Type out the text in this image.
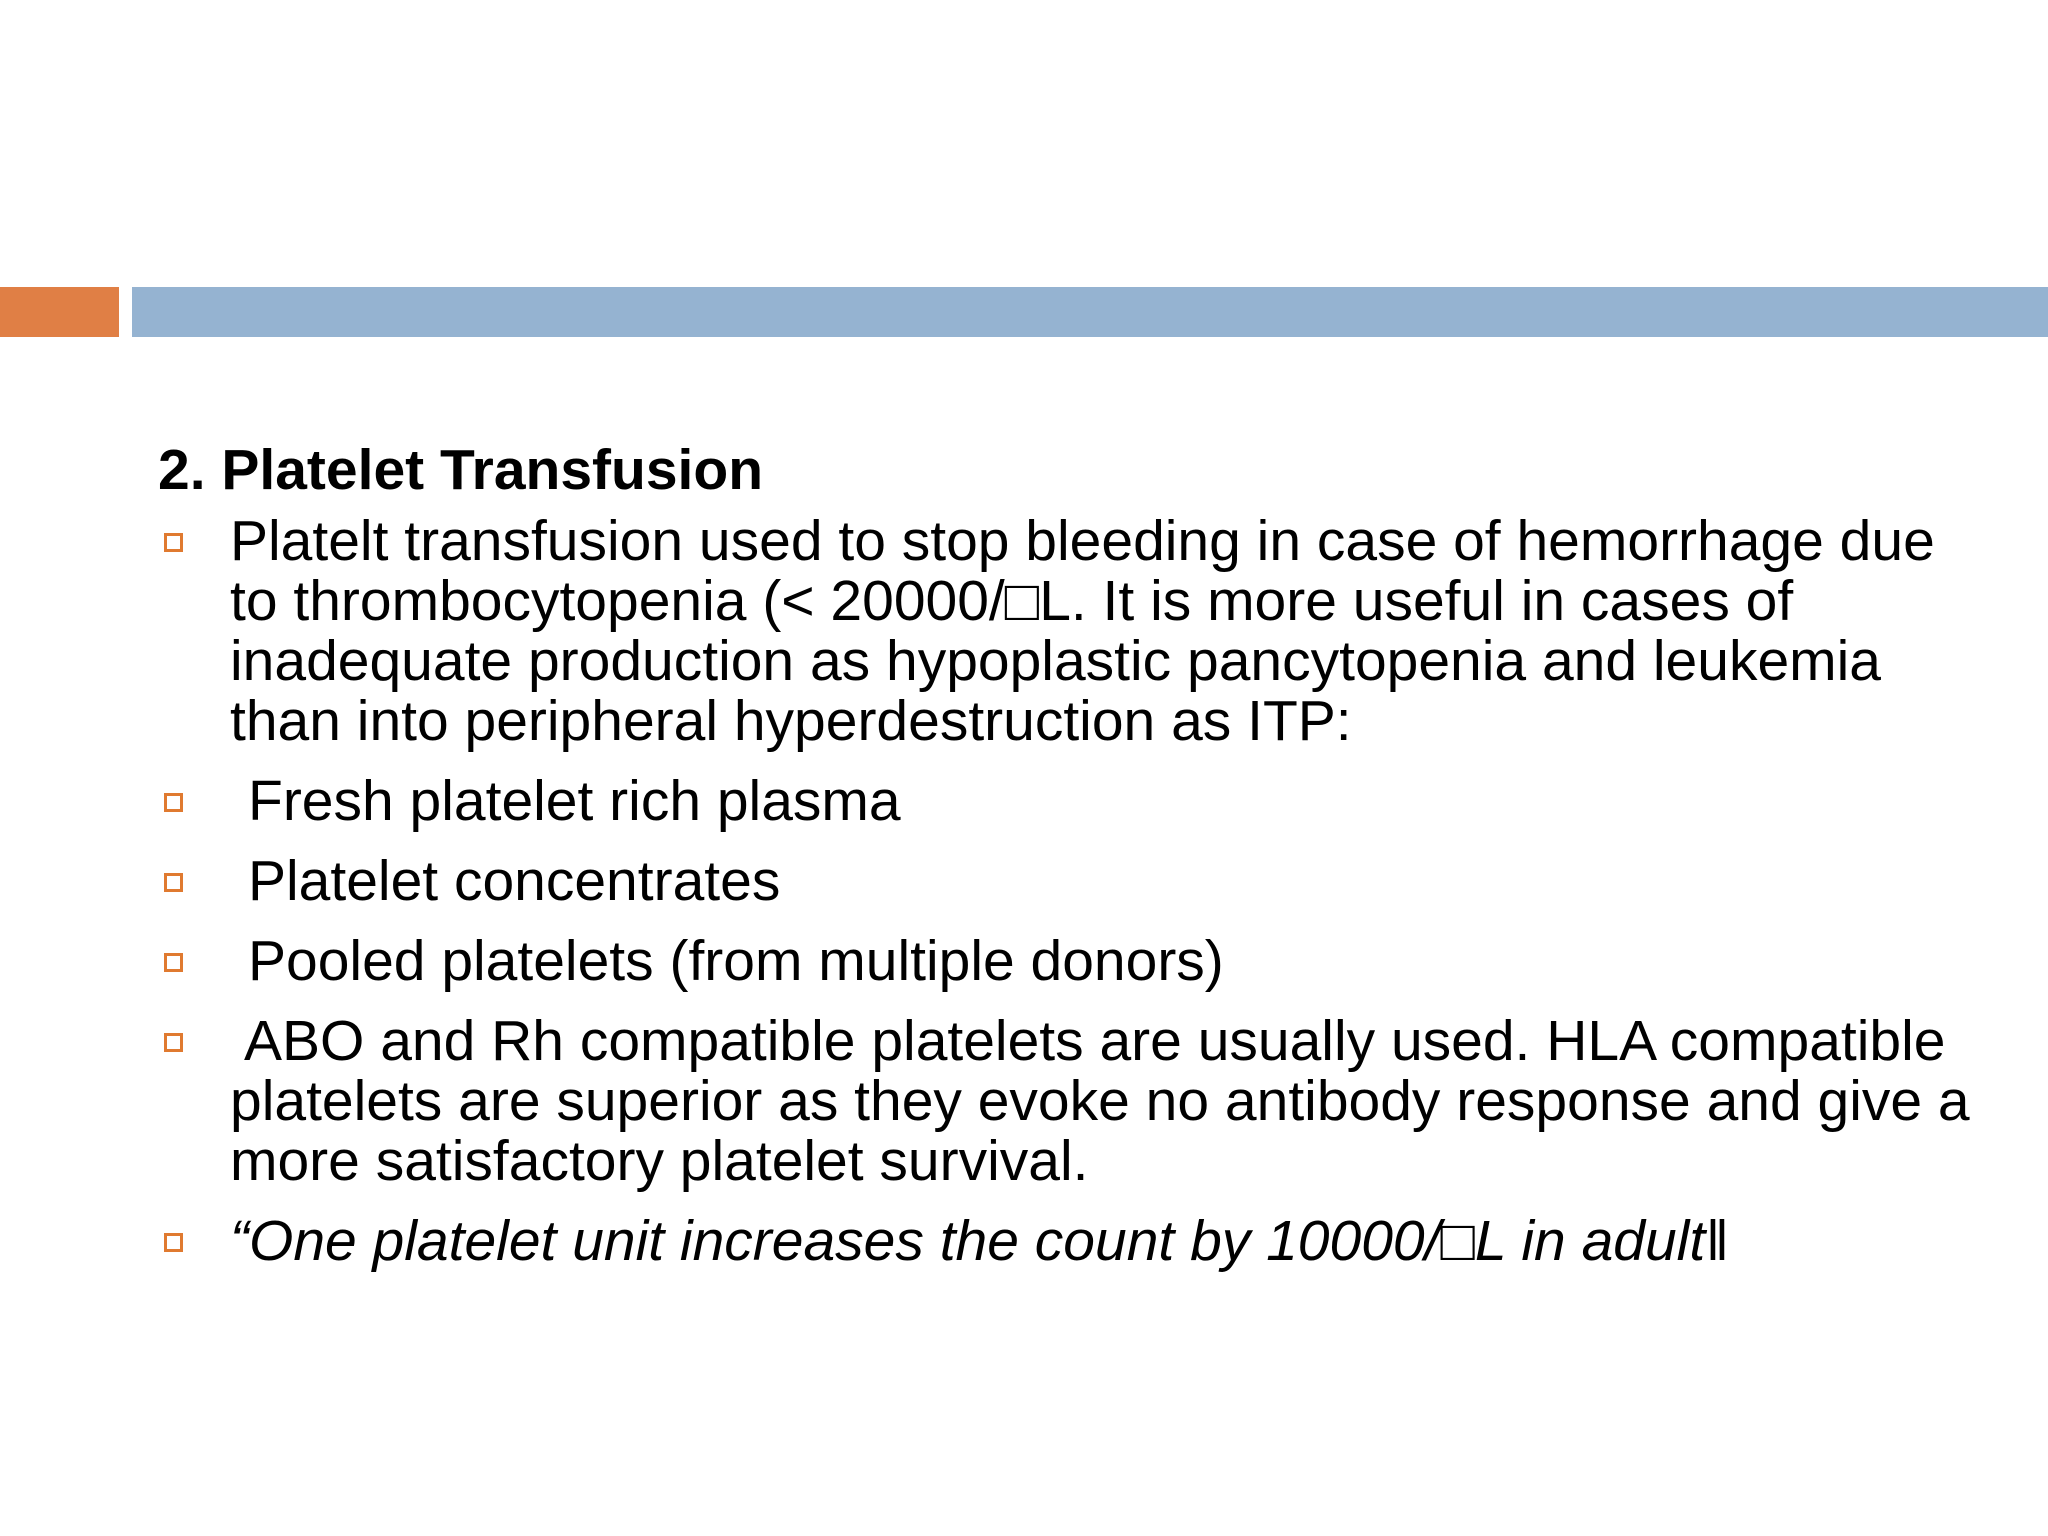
2. Platelet Transfusion
Platelt transfusion used to stop bleeding in case of hemorrhage due to thrombocytopenia (< 20000/□L. It is more useful in cases of inadequate production as hypoplastic pancytopenia and leukemia than into peripheral hyperdestruction as ITP:
Fresh platelet rich plasma
Platelet concentrates
Pooled platelets (from multiple donors)
ABO and Rh compatible platelets are usually used. HLA compatible platelets are superior as they evoke no antibody response and give a more satisfactory platelet survival.
“One platelet unit increases the count by 10000/□L in adult‖
